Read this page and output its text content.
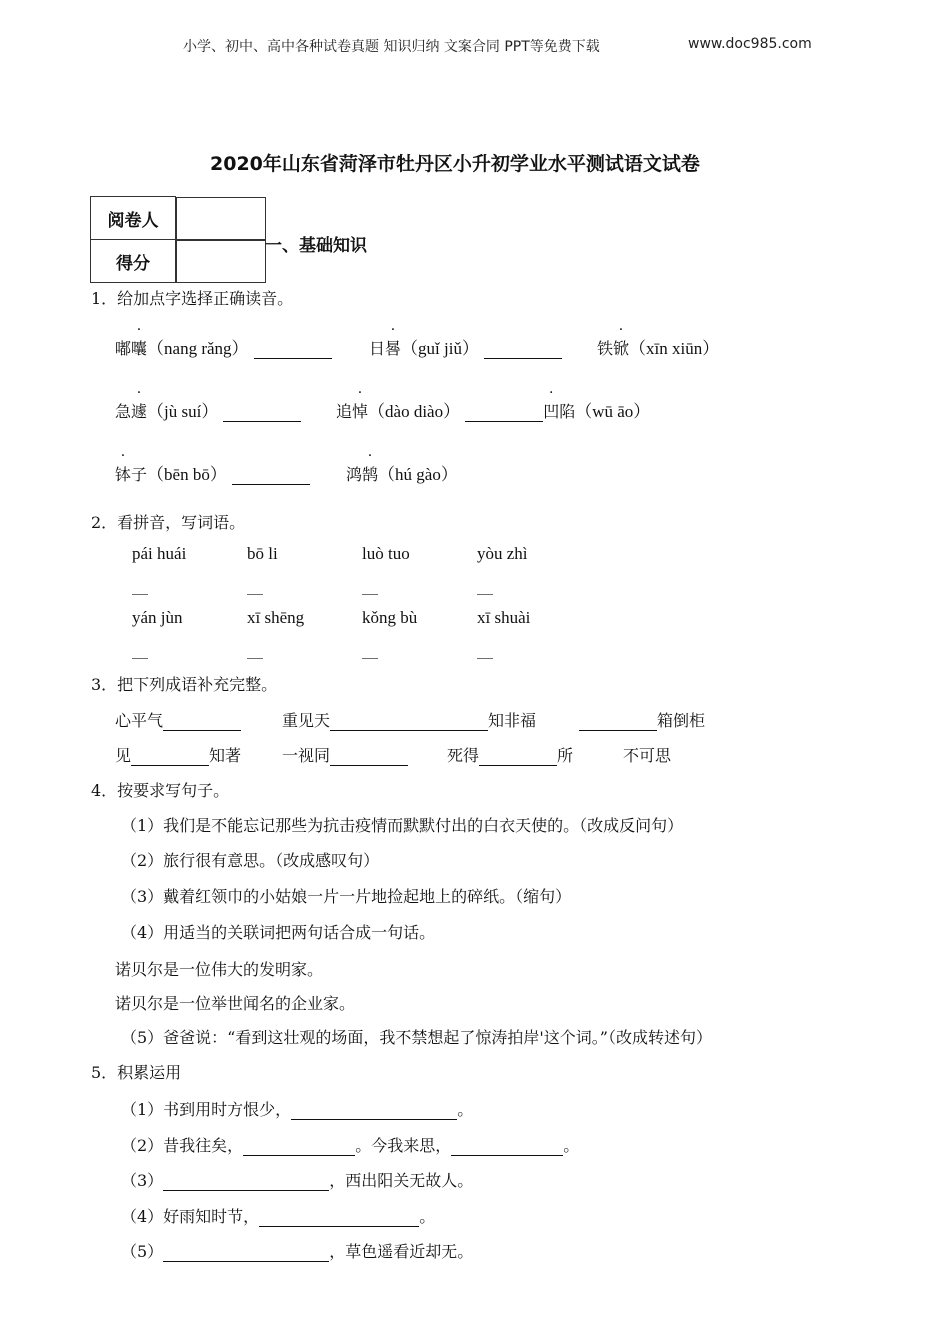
小学、初中、高中各种试卷真题 知识归纳 文案合同 PPT等免费下载	www.doc985.com
2020年山东省菏泽市牡丹区小升初学业水平测试语文试卷
阅卷人	
得分	
一、基础知识
1．给加点字选择正确读音。
嘟囔（nang rǎng）	日晷（guǐ jiǔ）	铁锨（xīn xiūn）
急遽（jù suí）	追悼（dào diào）	凹陷（wū āo）
钵子（bēn bō）	鸿鹄（hú gào）
2．看拼音，写词语。
pái huái	bō li	luò tuo	yòu zhì
__	__	__	__
yán jùn	xī shēng	kǒng bù	xī shuài
__	__	__	__
3．把下列成语补充完整。
心平气	重见天	知非福	箱倒柜
见	知著	一视同	死得	所	不可思
4．按要求写句子。
（1）我们是不能忘记那些为抗击疫情而默默付出的白衣天使的。（改成反问句）
（2）旅行很有意思。（改成感叹句）
（3）戴着红领巾的小姑娘一片一片地捡起地上的碎纸。（缩句）
（4）用适当的关联词把两句话合成一句话。
诺贝尔是一位伟大的发明家。
诺贝尔是一位举世闻名的企业家。
（5）爸爸说：“看到这壮观的场面，我不禁想起了惊涛拍岸'这个词。”（改成转述句）
5．积累运用
（1）书到用时方恨少，	。
（2）昔我往矣，	。今我来思，	。
（3）	，西出阳关无故人。
（4）好雨知时节，	。
（5）	，草色遥看近却无。
